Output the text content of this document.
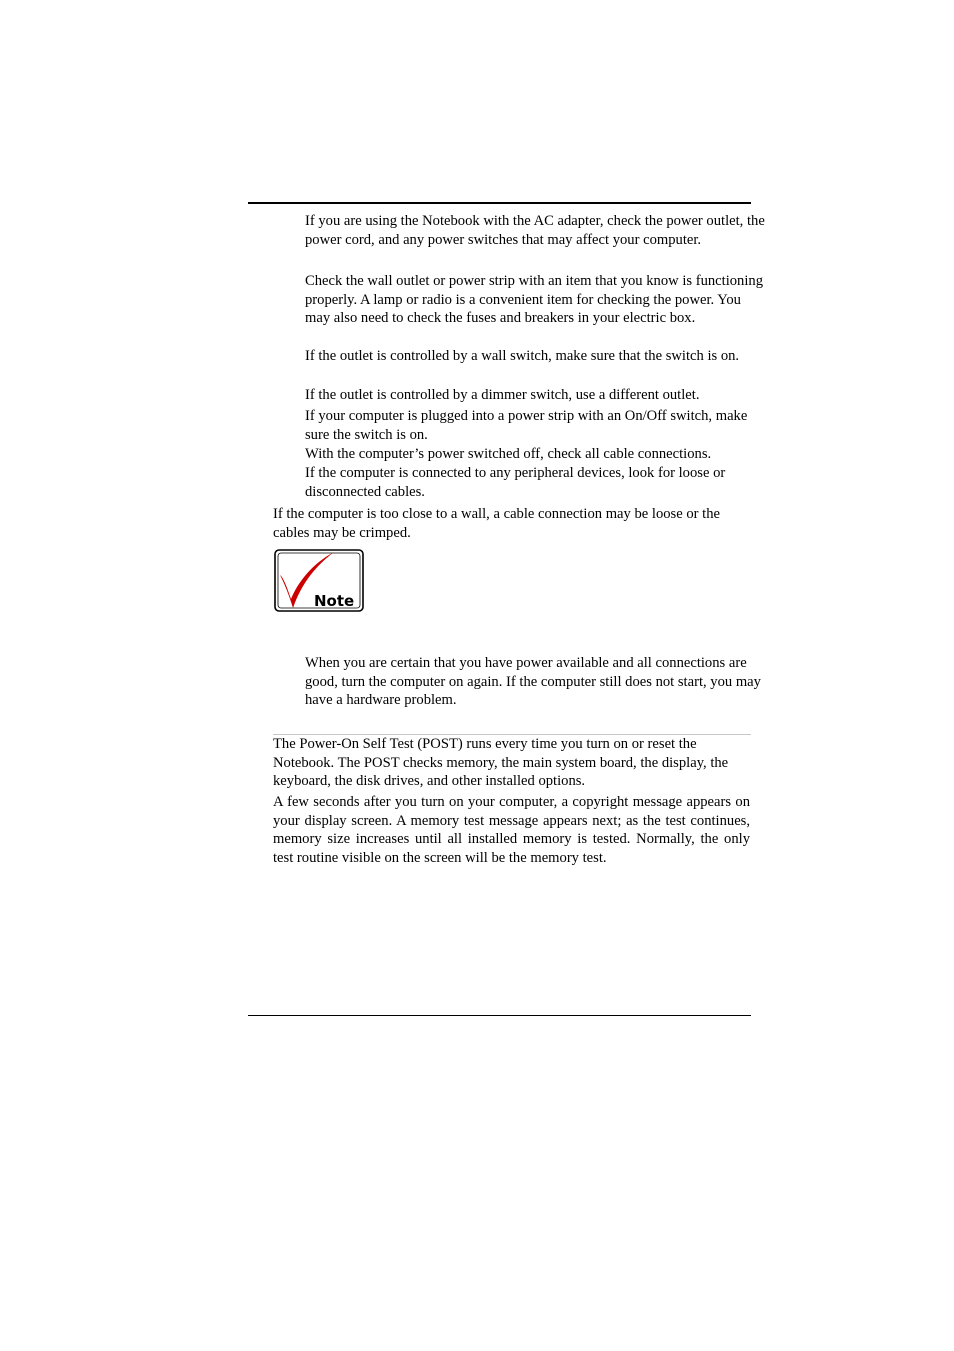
If you are using the Notebook with the AC adapter, check the power outlet, the power cord, and any power switches that may affect your computer.

Check the wall outlet or power strip with an item that you know is functioning properly. A lamp or radio is a convenient item for checking the power. You may also need to check the fuses and breakers in your electric box.

If the outlet is controlled by a wall switch, make sure that the switch is on.

If the outlet is controlled by a dimmer switch, use a different outlet.

If your computer is plugged into a power strip with an On/Off switch, make sure the switch is on.

With the computer’s power switched off, check all cable connections.

If the computer is connected to any peripheral devices, look for loose or disconnected cables.

If the computer is too close to a wall, a cable connection may be loose or the cables may be crimped.

Note

When you are certain that you have power available and all connections are good, turn the computer on again. If the computer still does not start, you may have a hardware problem.

The Power-On Self Test (POST) runs every time you turn on or reset the Notebook. The POST checks memory, the main system board, the display, the keyboard, the disk drives, and other installed options.

A few seconds after you turn on your computer, a copyright message appears on your display screen. A memory test message appears next; as the test continues, memory size increases until all installed memory is tested. Normally, the only test routine visible on the screen will be the memory test.
